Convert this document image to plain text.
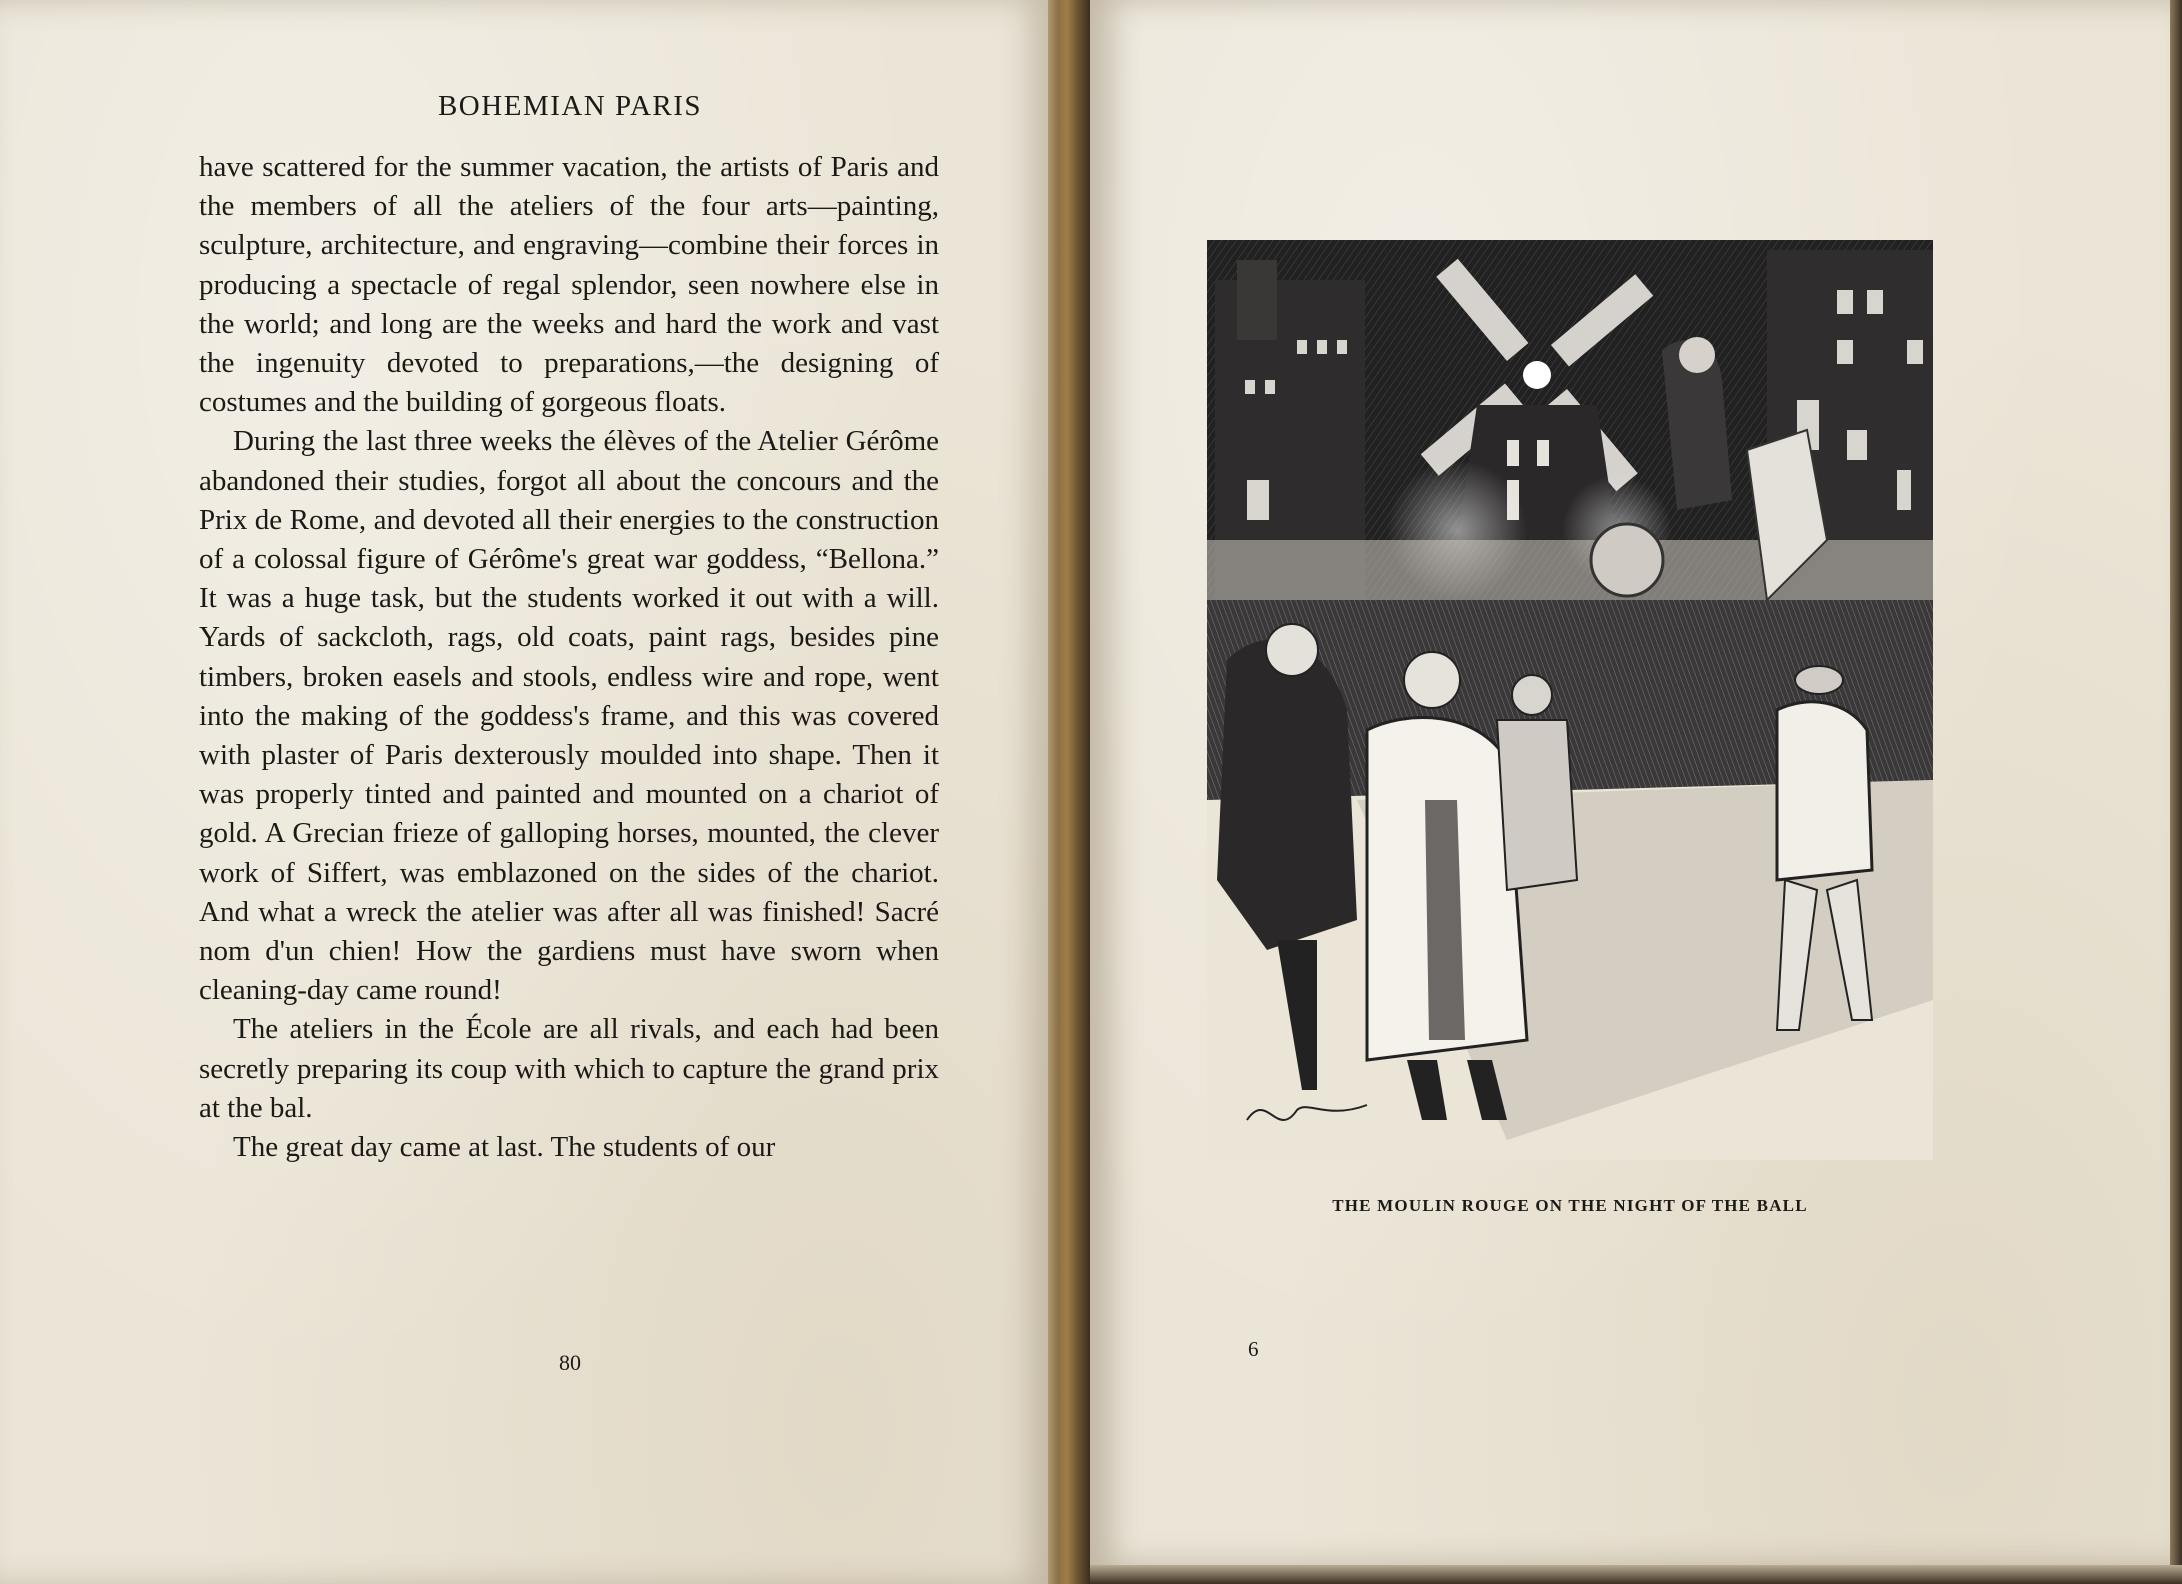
BOHEMIAN PARIS

have scattered for the summer vacation, the artists of Paris and the members of all the ateliers of the four arts—painting, sculpture, architecture, and engraving—combine their forces in producing a spectacle of regal splendor, seen nowhere else in the world; and long are the weeks and hard the work and vast the ingenuity devoted to preparations,—the designing of costumes and the building of gorgeous floats.

During the last three weeks the élèves of the Atelier Gérôme abandoned their studies, forgot all about the concours and the Prix de Rome, and devoted all their energies to the construction of a colossal figure of Gérôme's great war goddess, “Bellona.” It was a huge task, but the students worked it out with a will. Yards of sackcloth, rags, old coats, paint rags, besides pine timbers, broken easels and stools, endless wire and rope, went into the making of the goddess's frame, and this was covered with plaster of Paris dexterously moulded into shape. Then it was properly tinted and painted and mounted on a chariot of gold. A Grecian frieze of galloping horses, mounted, the clever work of Siffert, was emblazoned on the sides of the chariot. And what a wreck the atelier was after all was finished! Sacré nom d'un chien! How the gardiens must have sworn when cleaning-day came round!

The ateliers in the École are all rivals, and each had been secretly preparing its coup with which to capture the grand prix at the bal.

The great day came at last. The students of our

80
THE MOULIN ROUGE ON THE NIGHT OF THE BALL
6
